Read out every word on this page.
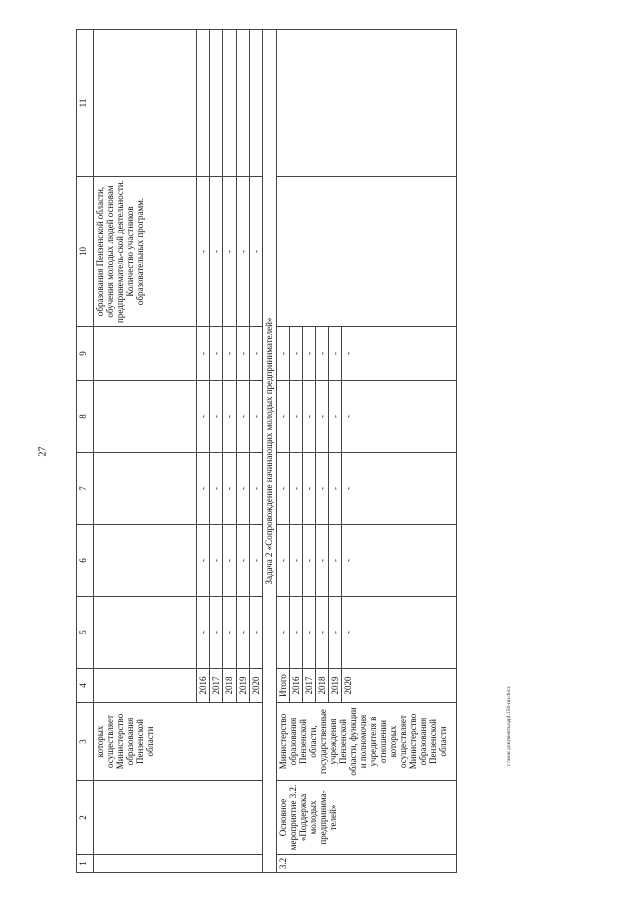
27
c:\мои документы\ppl\156-ип.docx
1	2	3	4	5	6	7	8	9	10	11
		которых осуществляет Министерство образования Пензенской области							образования Пензенской области, обучения молодых людей основам предпринематель-ской деятельности. Количество участников образовательных программ.	
			2016	-	-	-	-	-	-	
			2017	-	-	-	-	-	-	
			2018	-	-	-	-	-	-	
			2019	-	-	-	-	-	-	
			2020	-	-	-	-	-	-	
Задача 2 «Сопровождение начинающих молодых предпринимателей»										
3.2	Основное мероприятие 3.2. «Поддержка молодых предпринима-телей»	Министерство образования Пензенской области, государственные учреждения Пензенской области, функции и полномочия учредителя в отношении которых осуществляет Министерство образования Пензенской области	Итого	-	-	-	-	-		
			2016	-	-	-	-	-		
			2017	-	-	-	-	-		
			2018	-	-	-	-	-		
			2019	-	-	-	-	-		
			2020	-	-	-	-	-		
